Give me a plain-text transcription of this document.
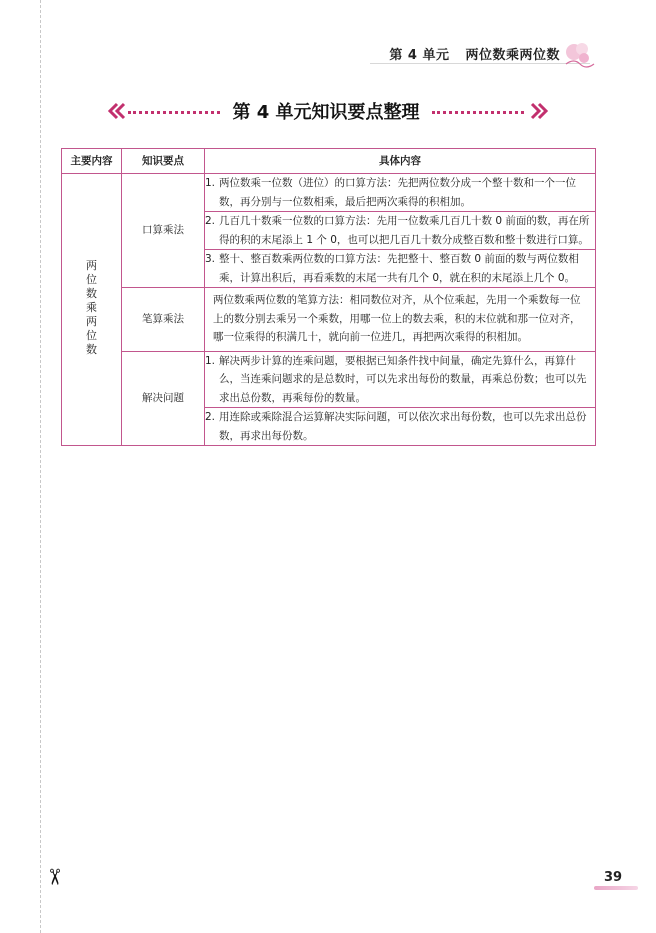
✂
第 4 单元 两位数乘两位数
第 4 单元知识要点整理
主要内容	知识要点	具体内容
两位数乘两位数	口算乘法	1. 两位数乘一位数（进位）的口算方法：先把两位数分成一个整十数和一个一位数，再分别与一位数相乘，最后把两次乘得的积相加。

		2. 几百几十数乘一位数的口算方法：先用一位数乘几百几十数 0 前面的数，再在所得的积的末尾添上 1 个 0，也可以把几百几十数分成整百数和整十数进行口算。

		3. 整十、整百数乘两位数的口算方法：先把整十、整百数 0 前面的数与两位数相乘，计算出积后，再看乘数的末尾一共有几个 0，就在积的末尾添上几个 0。

	笔算乘法	两位数乘两位数的笔算方法：相同数位对齐，从个位乘起，先用一个乘数每一位上的数分别去乘另一个乘数，用哪一位上的数去乘，积的末位就和那一位对齐，哪一位乘得的积满几十，就向前一位进几，再把两次乘得的积相加。
	解决问题	1. 解决两步计算的连乘问题，要根据已知条件找中间量，确定先算什么，再算什么，当连乘问题求的是总数时，可以先求出每份的数量，再乘总份数；也可以先求出总份数，再乘每份的数量。

		2. 用连除或乘除混合运算解决实际问题，可以依次求出每份数，也可以先求出总份数，再求出每份数。
39
